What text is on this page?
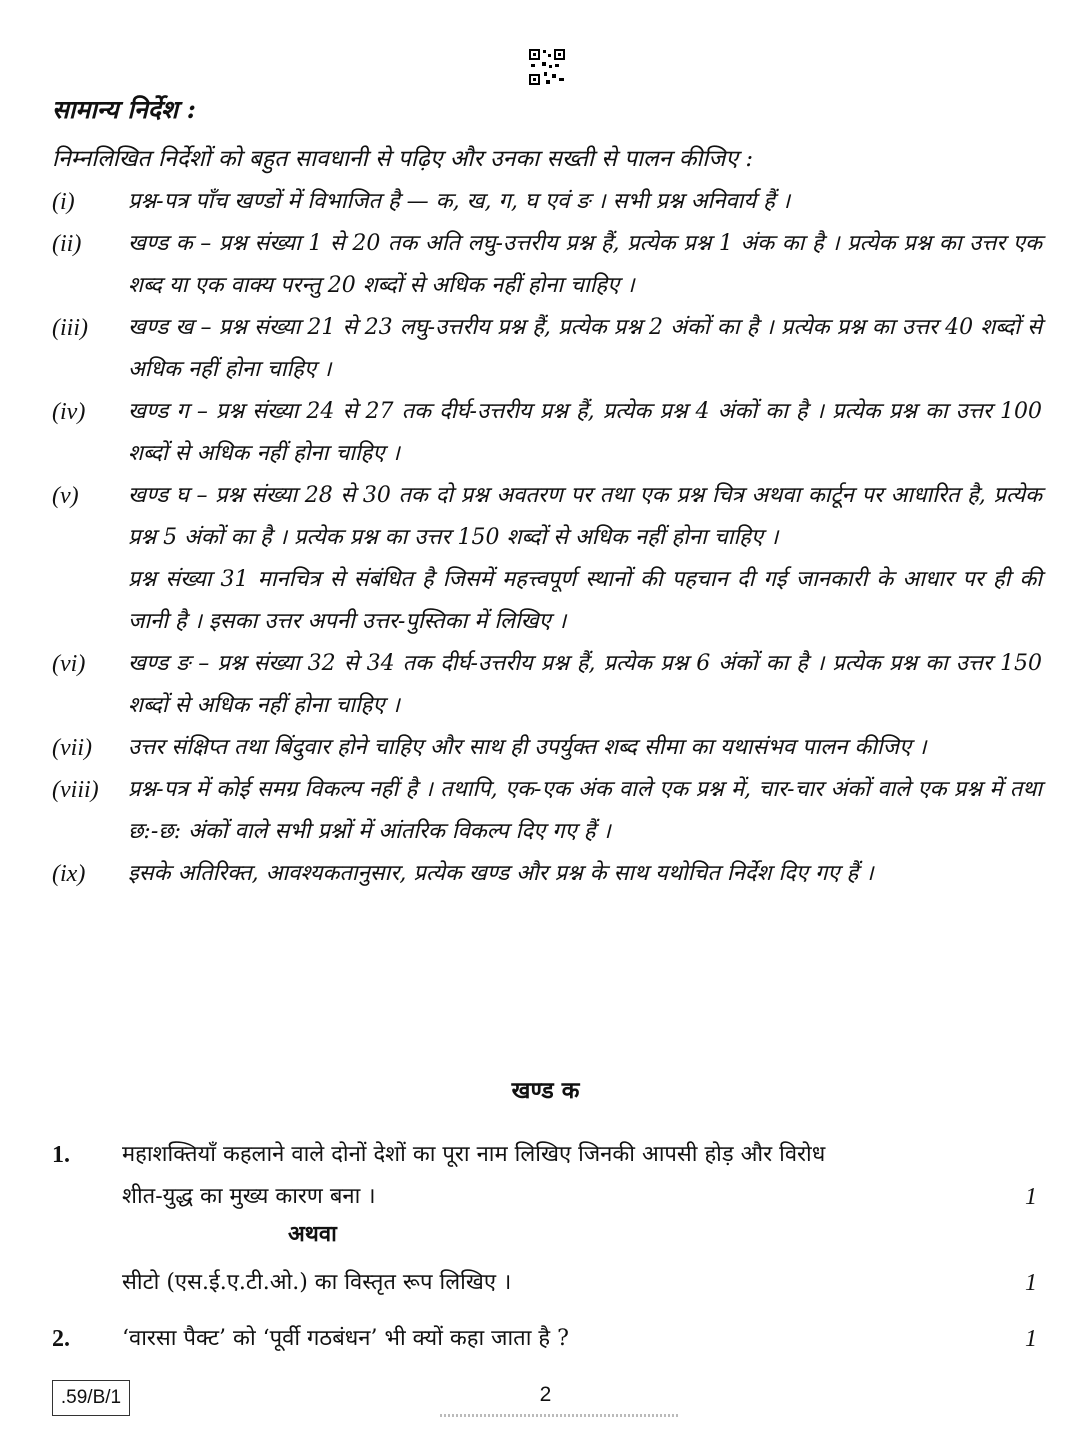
सामान्य निर्देश :
निम्नलिखित निर्देशों को बहुत सावधानी से पढ़िए और उनका सख्ती से पालन कीजिए :
(i)	प्रश्न-पत्र पाँच खण्डों में विभाजित है — क, ख, ग, घ एवं ङ । सभी प्रश्न अनिवार्य हैं ।
(ii)	खण्ड क – प्रश्न संख्या 1 से 20 तक अति लघु-उत्तरीय प्रश्न हैं, प्रत्येक प्रश्न 1 अंक का है । प्रत्येक प्रश्न का उत्तर एक शब्द या एक वाक्य परन्तु 20 शब्दों से अधिक नहीं होना चाहिए ।
(iii)	खण्ड ख – प्रश्न संख्या 21 से 23 लघु-उत्तरीय प्रश्न हैं, प्रत्येक प्रश्न 2 अंकों का है । प्रत्येक प्रश्न का उत्तर 40 शब्दों से अधिक नहीं होना चाहिए ।
(iv)	खण्ड ग – प्रश्न संख्या 24 से 27 तक दीर्घ-उत्तरीय प्रश्न हैं, प्रत्येक प्रश्न 4 अंकों का है । प्रत्येक प्रश्न का उत्तर 100 शब्दों से अधिक नहीं होना चाहिए ।
(v)	खण्ड घ – प्रश्न संख्या 28 से 30 तक दो प्रश्न अवतरण पर तथा एक प्रश्न चित्र अथवा कार्टून पर आधारित है, प्रत्येक प्रश्न 5 अंकों का है । प्रत्येक प्रश्न का उत्तर 150 शब्दों से अधिक नहीं होना चाहिए ।
प्रश्न संख्या 31 मानचित्र से संबंधित है जिसमें महत्त्वपूर्ण स्थानों की पहचान दी गई जानकारी के आधार पर ही की जानी है । इसका उत्तर अपनी उत्तर-पुस्तिका में लिखिए ।
(vi)	खण्ड ङ – प्रश्न संख्या 32 से 34 तक दीर्घ-उत्तरीय प्रश्न हैं, प्रत्येक प्रश्न 6 अंकों का है । प्रत्येक प्रश्न का उत्तर 150 शब्दों से अधिक नहीं होना चाहिए ।
(vii)	उत्तर संक्षिप्त तथा बिंदुवार होने चाहिए और साथ ही उपर्युक्त शब्द सीमा का यथासंभव पालन कीजिए ।
(viii)	प्रश्न-पत्र में कोई समग्र विकल्प नहीं है । तथापि, एक-एक अंक वाले एक प्रश्न में, चार-चार अंकों वाले एक प्रश्न में तथा छ:-छ: अंकों वाले सभी प्रश्नों में आंतरिक विकल्प दिए गए हैं ।
(ix)	इसके अतिरिक्त, आवश्यकतानुसार, प्रत्येक खण्ड और प्रश्न के साथ यथोचित निर्देश दिए गए हैं ।
खण्ड क
1.	महाशक्तियाँ कहलाने वाले दोनों देशों का पूरा नाम लिखिए जिनकी आपसी होड़ और विरोध
शीत-युद्ध का मुख्य कारण बना ।	1
अथवा
सीटो (एस.ई.ए.टी.ओ.) का विस्तृत रूप लिखिए ।	1
2.	‘वारसा पैक्ट’ को ‘पूर्वी गठबंधन’ भी क्यों कहा जाता है ?	1
.59/B/1	2
